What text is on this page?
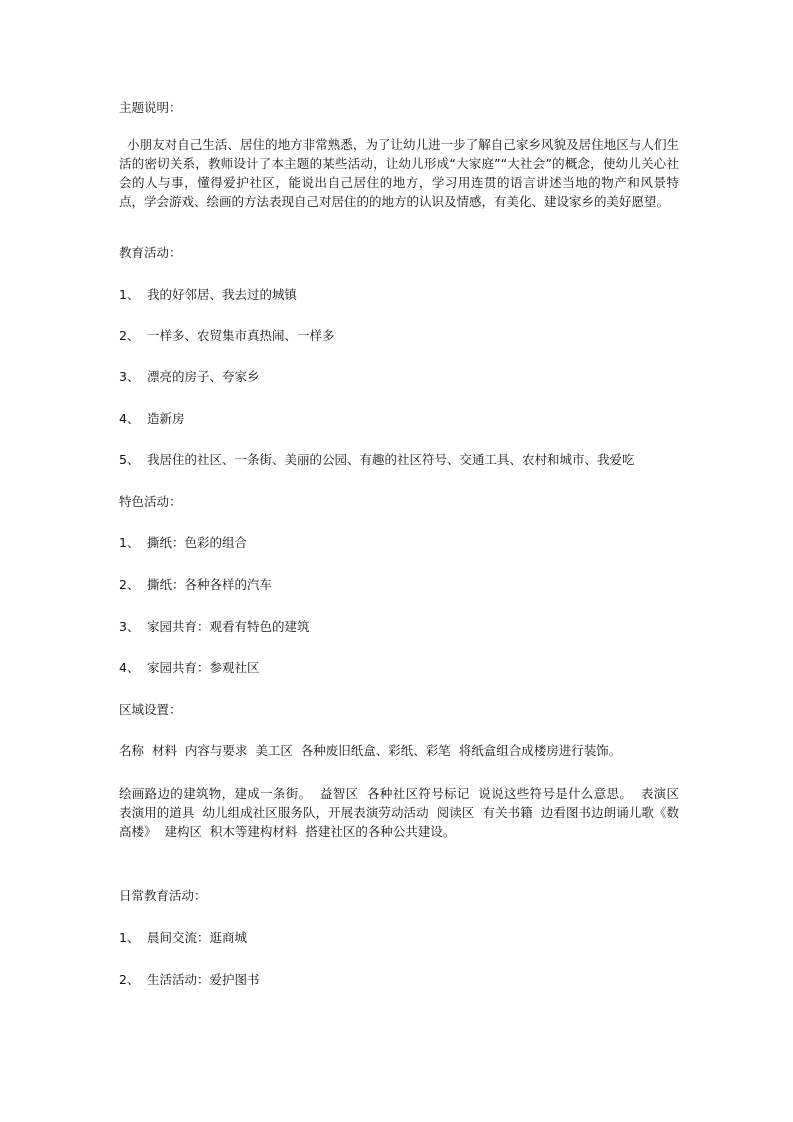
主题说明：

小朋友对自己生活、居住的地方非常熟悉，为了让幼儿进一步了解自己家乡风貌及居住地区与人们生活的密切关系，教师设计了本主题的某些活动，让幼儿形成“大家庭”“大社会”的概念，使幼儿关心社会的人与事，懂得爱护社区，能说出自己居住的地方，学习用连贯的语言讲述当地的物产和风景特点，学会游戏、绘画的方法表现自己对居住的的地方的认识及情感，有美化、建设家乡的美好愿望。

教育活动：
1、 我的好邻居、我去过的城镇
2、 一样多、农贸集市真热闹、一样多
3、 漂亮的房子、夸家乡
4、 造新房
5、 我居住的社区、一条街、美丽的公园、有趣的社区符号、交通工具、农村和城市、我爱吃
特色活动：
1、 撕纸：色彩的组合
2、 撕纸：各种各样的汽车
3、 家园共育：观看有特色的建筑
4、 家园共育：参观社区
区域设置：
名称  材料  内容与要求  美工区  各种废旧纸盒、彩纸、彩笔  将纸盒组合成楼房进行装饰。

绘画路边的建筑物，建成一条街。  益智区  各种社区符号标记  说说这些符号是什么意思。  表演区  表演用的道具  幼儿组成社区服务队，开展表演劳动活动  阅读区  有关书籍  边看图书边朗诵儿歌《数高楼》  建构区  积木等建构材料  搭建社区的各种公共建设。

日常教育活动：
1、 晨间交流：逛商城
2、 生活活动：爱护图书
